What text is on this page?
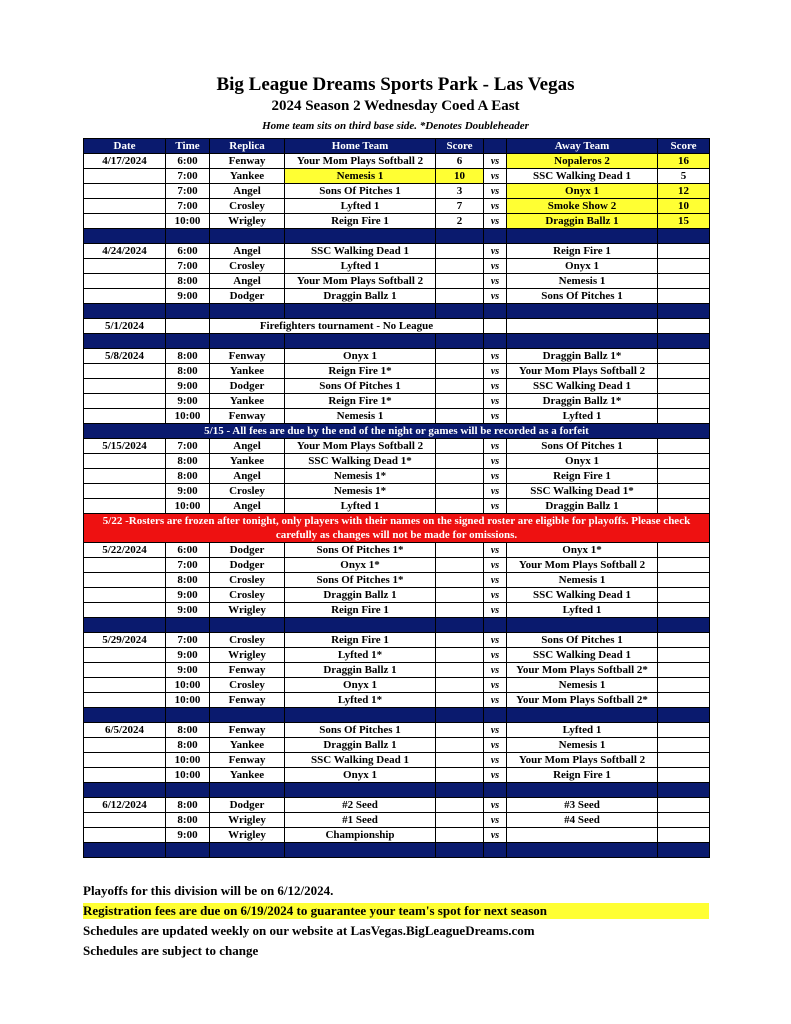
Big League Dreams Sports Park - Las Vegas
2024 Season 2 Wednesday Coed A East
Home team sits on third base side. *Denotes Doubleheader
Date	Time	Replica	Home Team	Score		Away Team	Score
4/17/2024	6:00	Fenway	Your Mom Plays Softball 2	6	vs	Nopaleros 2	16
	7:00	Yankee	Nemesis 1	10	vs	SSC Walking Dead 1	5
	7:00	Angel	Sons Of Pitches 1	3	vs	Onyx 1	12
	7:00	Crosley	Lyfted 1	7	vs	Smoke Show 2	10
	10:00	Wrigley	Reign Fire 1	2	vs	Draggin Ballz 1	15

4/24/2024	6:00	Angel	SSC Walking Dead 1		vs	Reign Fire 1	
	7:00	Crosley	Lyfted 1		vs	Onyx 1	
	8:00	Angel	Your Mom Plays Softball 2		vs	Nemesis 1	
	9:00	Dodger	Draggin Ballz 1		vs	Sons Of Pitches 1	

5/1/2024		Firefighters tournament - No League					

5/8/2024	8:00	Fenway	Onyx 1		vs	Draggin Ballz 1*	
	8:00	Yankee	Reign Fire 1*		vs	Your Mom Plays Softball 2	
	9:00	Dodger	Sons Of Pitches 1		vs	SSC Walking Dead 1	
	9:00	Yankee	Reign Fire 1*		vs	Draggin Ballz 1*	
	10:00	Fenway	Nemesis 1		vs	Lyfted 1	
5/15 - All fees are due by the end of the night or games will be recorded as a forfeit							
5/15/2024	7:00	Angel	Your Mom Plays Softball 2		vs	Sons Of Pitches 1	
	8:00	Yankee	SSC Walking Dead 1*		vs	Onyx 1	
	8:00	Angel	Nemesis 1*		vs	Reign Fire 1	
	9:00	Crosley	Nemesis 1*		vs	SSC Walking Dead 1*	
	10:00	Angel	Lyfted 1		vs	Draggin Ballz 1	
5/22 -Rosters are frozen after tonight, only players with their names on the signed roster are eligible for playoffs. Please check carefully as changes will not be made for omissions.							
5/22/2024	6:00	Dodger	Sons Of Pitches 1*		vs	Onyx 1*	
	7:00	Dodger	Onyx 1*		vs	Your Mom Plays Softball 2	
	8:00	Crosley	Sons Of Pitches 1*		vs	Nemesis 1	
	9:00	Crosley	Draggin Ballz 1		vs	SSC Walking Dead 1	
	9:00	Wrigley	Reign Fire 1		vs	Lyfted 1	

5/29/2024	7:00	Crosley	Reign Fire 1		vs	Sons Of Pitches 1	
	9:00	Wrigley	Lyfted 1*		vs	SSC Walking Dead 1	
	9:00	Fenway	Draggin Ballz 1		vs	Your Mom Plays Softball 2*	
	10:00	Crosley	Onyx 1		vs	Nemesis 1	
	10:00	Fenway	Lyfted 1*		vs	Your Mom Plays Softball 2*	

6/5/2024	8:00	Fenway	Sons Of Pitches 1		vs	Lyfted 1	
	8:00	Yankee	Draggin Ballz 1		vs	Nemesis 1	
	10:00	Fenway	SSC Walking Dead 1		vs	Your Mom Plays Softball 2	
	10:00	Yankee	Onyx 1		vs	Reign Fire 1	

6/12/2024	8:00	Dodger	#2 Seed		vs	#3 Seed	
	8:00	Wrigley	#1 Seed		vs	#4 Seed	
	9:00	Wrigley	Championship		vs		

Playoffs for this division will be on 6/12/2024.
Registration fees are due on 6/19/2024 to guarantee your team's spot for next season
Schedules are updated weekly on our website at LasVegas.BigLeagueDreams.com
Schedules are subject to change
